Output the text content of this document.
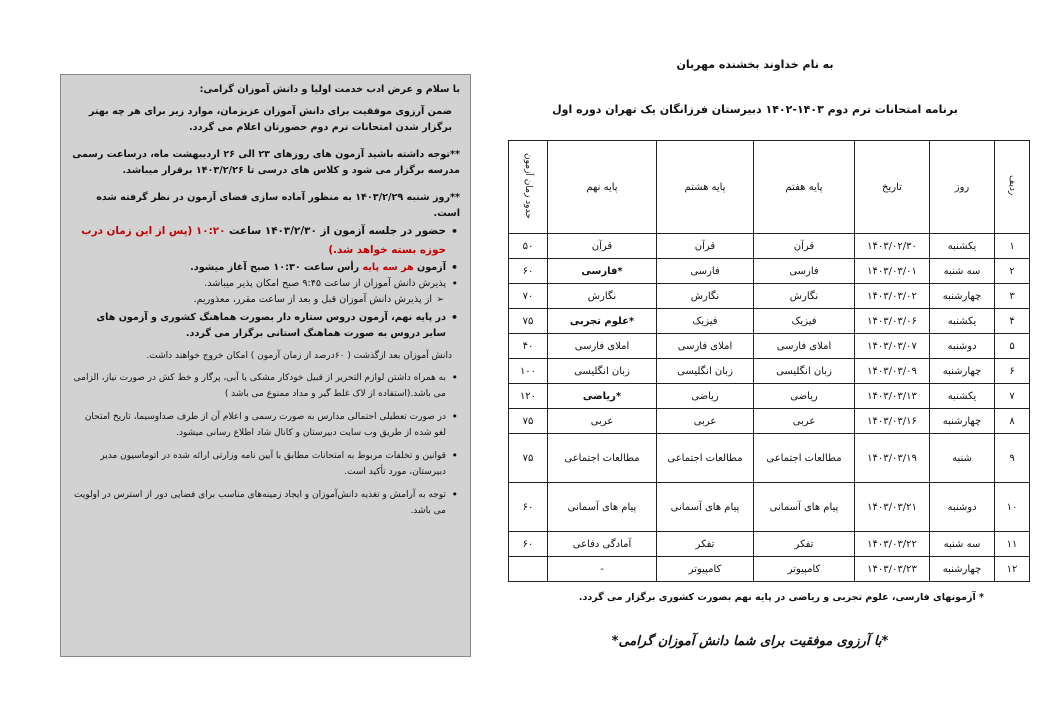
با سلام و عرض ادب خدمت اولیا و دانش آموزان گرامی:

ضمن آرزوی موفقیت برای دانش آموزان عزیزمان، موارد زیر برای هر چه بهتر برگزار شدن امتحانات ترم دوم حضورتان اعلام می گردد.

**توجه داشته باشید آزمون های روزهای ۲۳ الی ۲۶ اردیبهشت ماه، درساعت رسمی مدرسه برگزار می شود و کلاس های درسی تا ۱۴۰۳/۲/۲۶ برقرار میباشد.

**روز شنبه ۱۴۰۳/۲/۲۹ به منظور آماده سازی فضای آزمون در نظر گرفته شده است.

• حضور در جلسه آزمون از ۱۴۰۳/۲/۳۰ ساعت ۱۰:۲۰ (پس از این زمان درب حوزه بسته خواهد شد.)
• آزمون هر سه پایه رأس ساعت ۱۰:۳۰ صبح آغاز میشود.
• پذیرش دانش آموزان از ساعت ۹:۴۵ صبح امکان پذیر میباشد.
➢ از پذیرش دانش آموزان قبل و بعد از ساعت مقرر، معذوریم.
• در پایه نهم، آزمون دروس ستاره دار بصورت هماهنگ کشوری و آزمون های سایر دروس به صورت هماهنگ استانی برگزار می گردد.

دانش آموزان بعد ازگذشت ( ۶۰درصد از زمان آزمون ) امکان خروج خواهند داشت.

• به همراه داشتن لوازم التحریر از قبیل خودکار مشکی یا آبی، پرگار و خط کش در صورت نیاز، الزامی می باشد.(استفاده از لاک غلط گیر و مداد ممنوع می باشد )
• در صورت تعطیلی احتمالی مدارس به صورت رسمی و اعلام آن از طرف صداوسیما، تاریخ امتحان لغو شده از طریق وب سایت دبیرستان و کانال شاد اطلاع رسانی میشود.
• قوانین و تخلفات مربوط به امتحانات مطابق با آیین نامه وزارتی ارائه شده در اتوماسیون مدیر دبیرستان، مورد تأکید است.
• توجه به آرامش و تغذیه دانش‌آموزان و ایجاد زمینه‌های مناسب برای فضایی دور از استرس در اولویت می باشد.
به نام خداوند بخشنده مهربان
برنامه امتحانات ترم دوم ۱۴۰۳-۱۴۰۲ دبیرستان فرزانگان یک تهران دوره اول
ردیف	روز	تاریخ	پایه هفتم	پایه هشتم	پایه نهم	حدود زمان آزمون
۱	یکشنبه	۱۴۰۳/۰۲/۳۰	قرآن	قرآن	قرآن	۵۰
۲	سه شنبه	۱۴۰۳/۰۳/۰۱	فارسی	فارسی	*فارسی	۶۰
۳	چهارشنبه	۱۴۰۳/۰۳/۰۲	نگارش	نگارش	نگارش	۷۰
۴	یکشنبه	۱۴۰۳/۰۳/۰۶	فیزیک	فیزیک	*علوم تجربی	۷۵
۵	دوشنبه	۱۴۰۳/۰۳/۰۷	املای فارسی	املای فارسی	املای فارسی	۴۰
۶	چهارشنبه	۱۴۰۳/۰۳/۰۹	زبان انگلیسی	زبان انگلیسی	زبان انگلیسی	۱۰۰
۷	یکشنبه	۱۴۰۳/۰۳/۱۳	ریاضی	ریاضی	*ریاضی	۱۲۰
۸	چهارشنبه	۱۴۰۳/۰۳/۱۶	عربی	عربی	عربی	۷۵
۹	شنبه	۱۴۰۳/۰۳/۱۹	مطالعات اجتماعی	مطالعات اجتماعی	مطالعات اجتماعی	۷۵
۱۰	دوشنبه	۱۴۰۳/۰۳/۲۱	پیام های آسمانی	پیام های آسمانی	پیام های آسمانی	۶۰
۱۱	سه شنبه	۱۴۰۳/۰۳/۲۲	تفکر	تفکر	آمادگی دفاعی	۶۰
۱۲	چهارشنبه	۱۴۰۳/۰۳/۲۳	کامپیوتر	کامپیوتر	-	
* آزمونهای فارسی، علوم تجربی و ریاضی در پایه نهم بصورت کشوری برگزار می گردد.
*با آرزوی موفقیت برای شما دانش آموزان گرامی*
